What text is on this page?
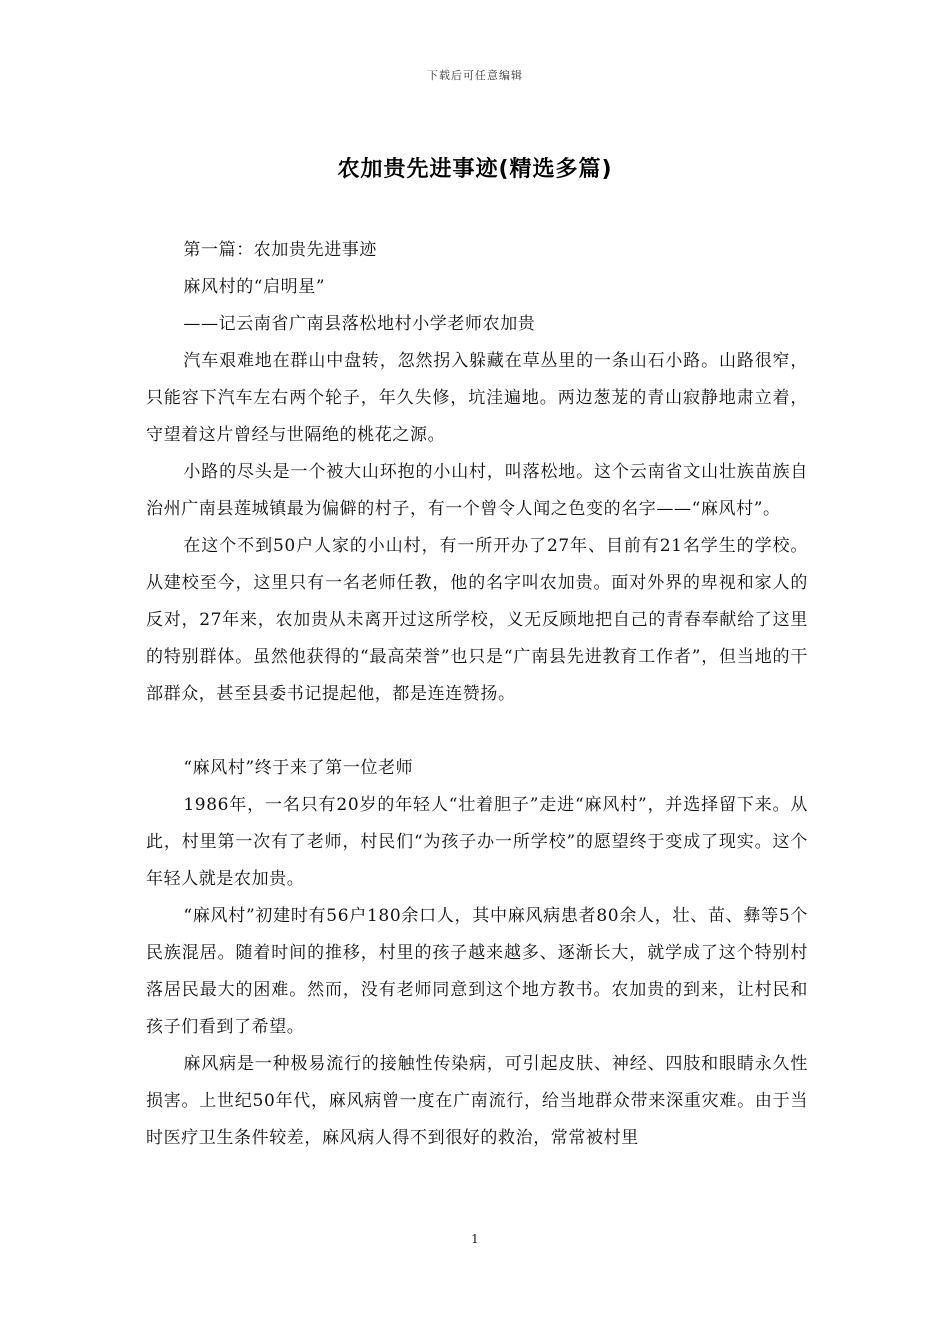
下载后可任意编辑
农加贵先进事迹(精选多篇)

第一篇：农加贵先进事迹

麻风村的“启明星”

——记云南省广南县落松地村小学老师农加贵

汽车艰难地在群山中盘转，忽然拐入躲藏在草丛里的一条山石小路。山路很窄，只能容下汽车左右两个轮子，年久失修，坑洼遍地。两边葱茏的青山寂静地肃立着，守望着这片曾经与世隔绝的桃花之源。

小路的尽头是一个被大山环抱的小山村，叫落松地。这个云南省文山壮族苗族自治州广南县莲城镇最为偏僻的村子，有一个曾令人闻之色变的名字——“麻风村”。

在这个不到50户人家的小山村，有一所开办了27年、目前有21名学生的学校。从建校至今，这里只有一名老师任教，他的名字叫农加贵。面对外界的卑视和家人的反对，27年来，农加贵从未离开过这所学校，义无反顾地把自己的青春奉献给了这里的特别群体。虽然他获得的“最高荣誉”也只是“广南县先进教育工作者”，但当地的干部群众，甚至县委书记提起他，都是连连赞扬。

“麻风村”终于来了第一位老师

1986年，一名只有20岁的年轻人“壮着胆子”走进“麻风村”，并选择留下来。从此，村里第一次有了老师，村民们“为孩子办一所学校”的愿望终于变成了现实。这个年轻人就是农加贵。

“麻风村”初建时有56户180余口人，其中麻风病患者80余人，壮、苗、彝等5个民族混居。随着时间的推移，村里的孩子越来越多、逐渐长大，就学成了这个特别村落居民最大的困难。然而，没有老师同意到这个地方教书。农加贵的到来，让村民和孩子们看到了希望。

麻风病是一种极易流行的接触性传染病，可引起皮肤、神经、四肢和眼睛永久性损害。上世纪50年代，麻风病曾一度在广南流行，给当地群众带来深重灾难。由于当时医疗卫生条件较差，麻风病人得不到很好的救治，常常被村里

1
